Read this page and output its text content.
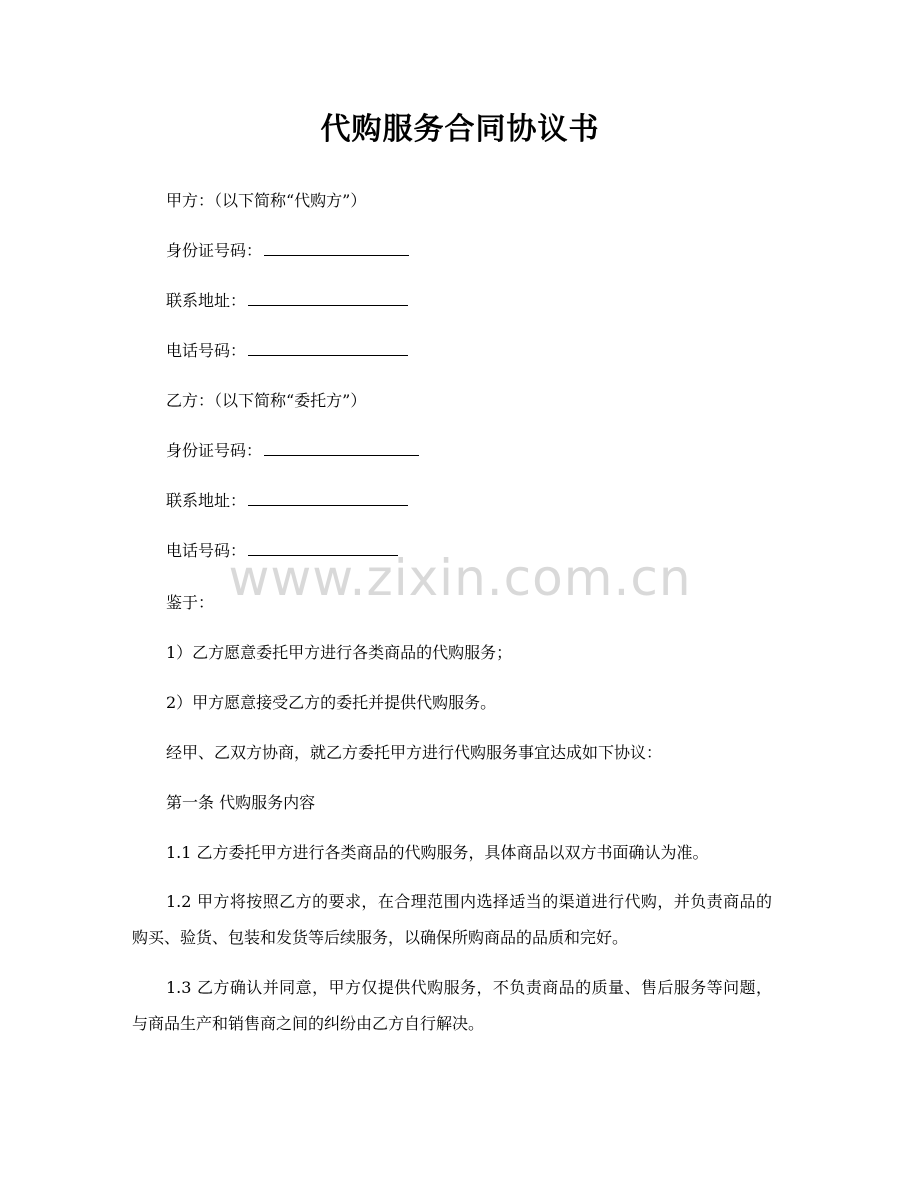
代购服务合同协议书
甲方：（以下简称“代购方”）
身份证号码：
联系地址：
电话号码：
乙方：（以下简称“委托方”）
身份证号码：
联系地址：
电话号码：
www.zixin.com.cn
鉴于：
1）乙方愿意委托甲方进行各类商品的代购服务；
2）甲方愿意接受乙方的委托并提供代购服务。
经甲、乙双方协商，就乙方委托甲方进行代购服务事宜达成如下协议：
第一条 代购服务内容
1.1 乙方委托甲方进行各类商品的代购服务，具体商品以双方书面确认为准。
1.2 甲方将按照乙方的要求，在合理范围内选择适当的渠道进行代购，并负责商品的购买、验货、包装和发货等后续服务，以确保所购商品的品质和完好。
1.3 乙方确认并同意，甲方仅提供代购服务，不负责商品的质量、售后服务等问题，与商品生产和销售商之间的纠纷由乙方自行解决。
